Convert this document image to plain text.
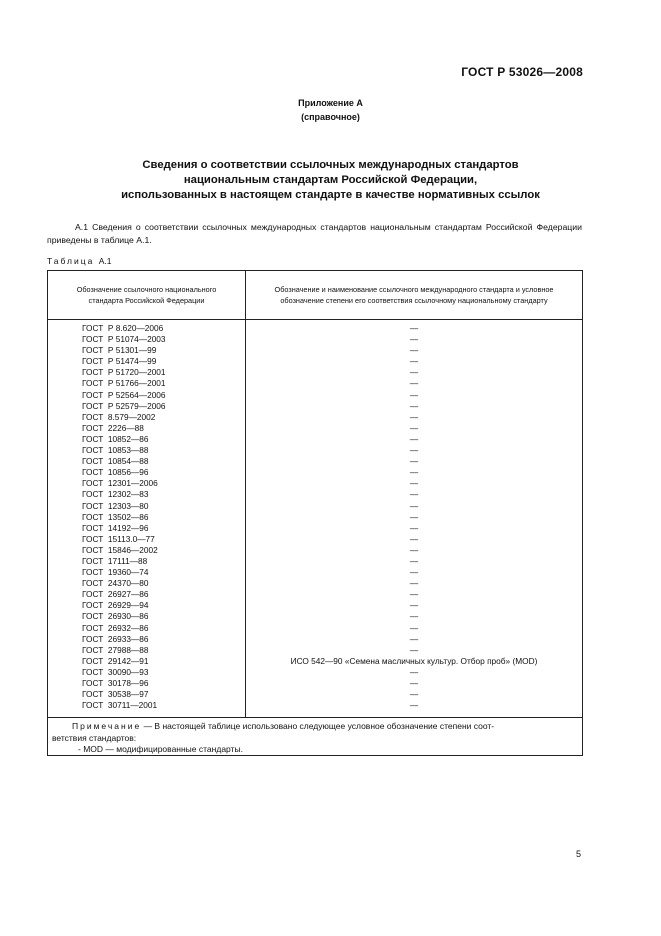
ГОСТ Р 53026—2008
Приложение А
(справочное)
Сведения о соответствии ссылочных международных стандартов
национальным стандартам Российской Федерации,
использованных в настоящем стандарте в качестве нормативных ссылок
А.1 Сведения о соответствии ссылочных международных стандартов национальным стандартам Российской Федерации приведены в таблице А.1.
Таблица А.1
Обозначение ссылочного национального стандарта Российской Федерации
Обозначение и наименование ссылочного международного стандарта и условное обозначение степени его соответствия ссылочному национальному стандарту
ГОСТ  Р 8.620—2006	—
ГОСТ  Р 51074—2003	—
ГОСТ  Р 51301—99	—
ГОСТ  Р 51474—99	—
ГОСТ  Р 51720—2001	—
ГОСТ  Р 51766—2001	—
ГОСТ  Р 52564—2006	—
ГОСТ  Р 52579—2006	—
ГОСТ  8.579—2002	—
ГОСТ  2226—88	—
ГОСТ  10852—86	—
ГОСТ  10853—88	—
ГОСТ  10854—88	—
ГОСТ  10856—96	—
ГОСТ  12301—2006	—
ГОСТ  12302—83	—
ГОСТ  12303—80	—
ГОСТ  13502—86	—
ГОСТ  14192—96	—
ГОСТ  15113.0—77	—
ГОСТ  15846—2002	—
ГОСТ  17111—88	—
ГОСТ  19360—74	—
ГОСТ  24370—80	—
ГОСТ  26927—86	—
ГОСТ  26929—94	—
ГОСТ  26930—86	—
ГОСТ  26932—86	—
ГОСТ  26933—86	—
ГОСТ  27988—88	—
ГОСТ  29142—91	ИСО 542—90 «Семена масличных культур. Отбор проб» (MOD)
ГОСТ  30090—93	—
ГОСТ  30178—96	—
ГОСТ  30538—97	—
ГОСТ  30711—2001	—
Примечание — В настоящей таблице использовано следующее условное обозначение степени соот-
ветствия стандартов:
- MOD — модифицированные стандарты.
5
